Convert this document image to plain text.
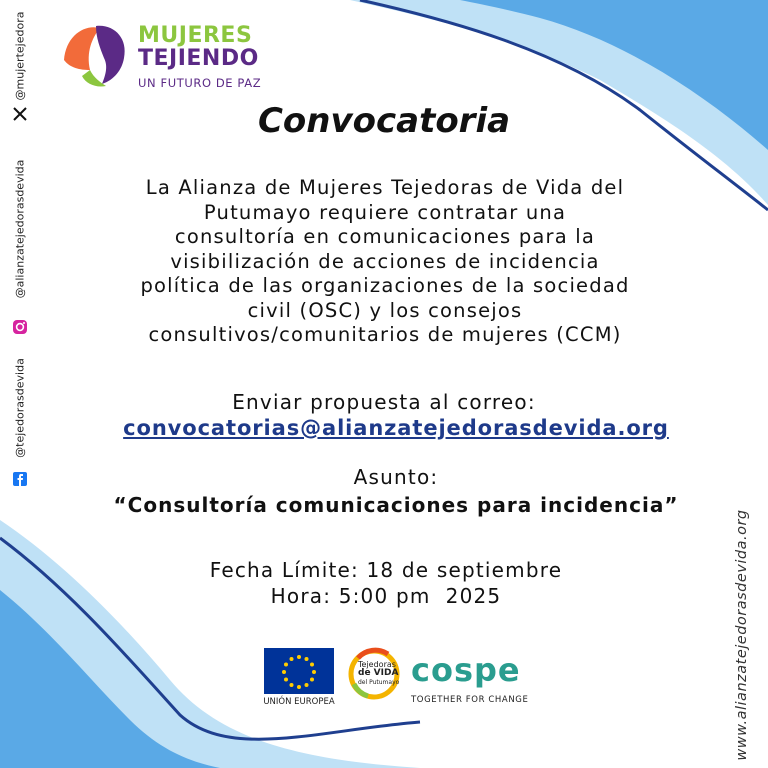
MUJERES
TEJIENDO
UN FUTURO DE PAZ
@mujertejedora
@alianzatejedorasdevida
@tejedorasdevida
Convocatoria
La Alianza de Mujeres Tejedoras de Vida del
Putumayo requiere contratar una
consultoría en comunicaciones para la
visibilización de acciones de incidencia
política de las organizaciones de la sociedad
civil (OSC) y los consejos
consultivos/comunitarios de mujeres (CCM)
Enviar propuesta al correo:
convocatorias@alianzatejedorasdevida.org
Asunto:
“Consultoría comunicaciones para incidencia”
Fecha Límite: 18 de septiembre
Hora: 5:00 pm  2025	www.alianzatejedorasdevida.org
UNIÓN EUROPEA
Tejedoras
de VIDA
del Putumayo cospe
TOGETHER FOR CHANGE
